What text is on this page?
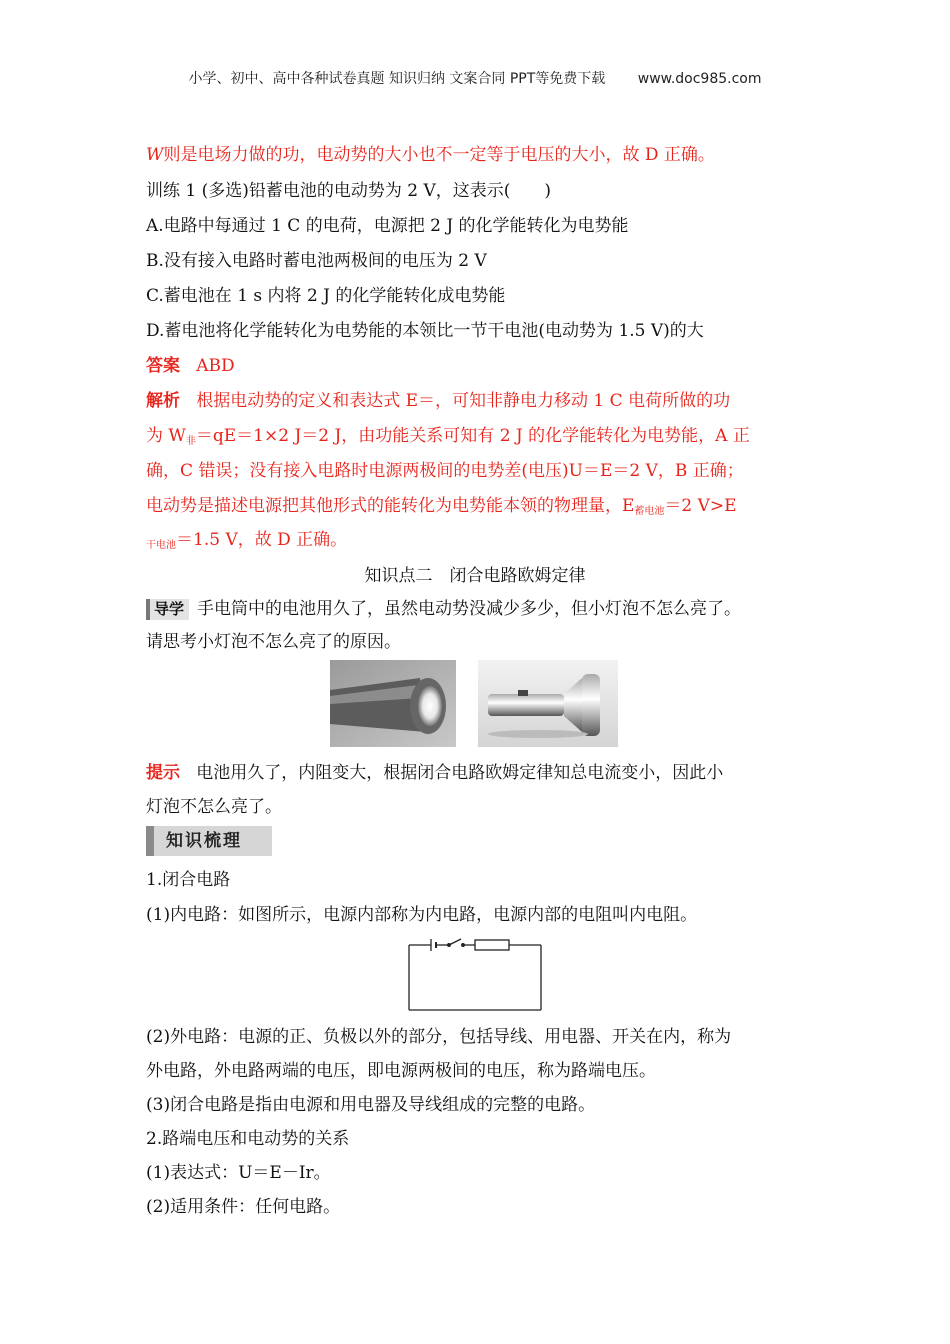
小学、初中、高中各种试卷真题 知识归纳 文案合同 PPT等免费下载 www.doc985.com
W则是电场力做的功，电动势的大小也不一定等于电压的大小，故 D 正确。
训练 1 (多选)铅蓄电池的电动势为 2 V，这表示(　　)
A.电路中每通过 1 C 的电荷，电源把 2 J 的化学能转化为电势能
B.没有接入电路时蓄电池两极间的电压为 2 V
C.蓄电池在 1 s 内将 2 J 的化学能转化成电势能
D.蓄电池将化学能转化为电势能的本领比一节干电池(电动势为 1.5 V)的大
答案 ABD
解析 根据电动势的定义和表达式 E＝，可知非静电力移动 1 C 电荷所做的功
为 $W_非=qE=1\times 2$ J＝2 J，由功能关系可知有 2 J 的化学能转化为电势能，A 正
确，C 错误；没有接入电路时电源两极间的电势差(电压)U＝E＝2 V，B 正确；
电动势是描述电源把其他形式的能转化为电势能本领的物理量，$E_{蓄电池}=2$ V>E
$_{干电池}$＝1.5 V，故 D 正确。
知识点二　闭合电路欧姆定律
导学 手电筒中的电池用久了，虽然电动势没减少多少，但小灯泡不怎么亮了。
请思考小灯泡不怎么亮了的原因。
提示 电池用久了，内阻变大，根据闭合电路欧姆定律知总电流变小，因此小
灯泡不怎么亮了。
知识梳理
1.闭合电路
(1)内电路：如图所示，电源内部称为内电路，电源内部的电阻叫内电阻。
(2)外电路：电源的正、负极以外的部分，包括导线、用电器、开关在内，称为
外电路，外电路两端的电压，即电源两极间的电压，称为路端电压。
(3)闭合电路是指由电源和用电器及导线组成的完整的电路。
2.路端电压和电动势的关系
(1)表达式：U＝E－Ir。
(2)适用条件：任何电路。
